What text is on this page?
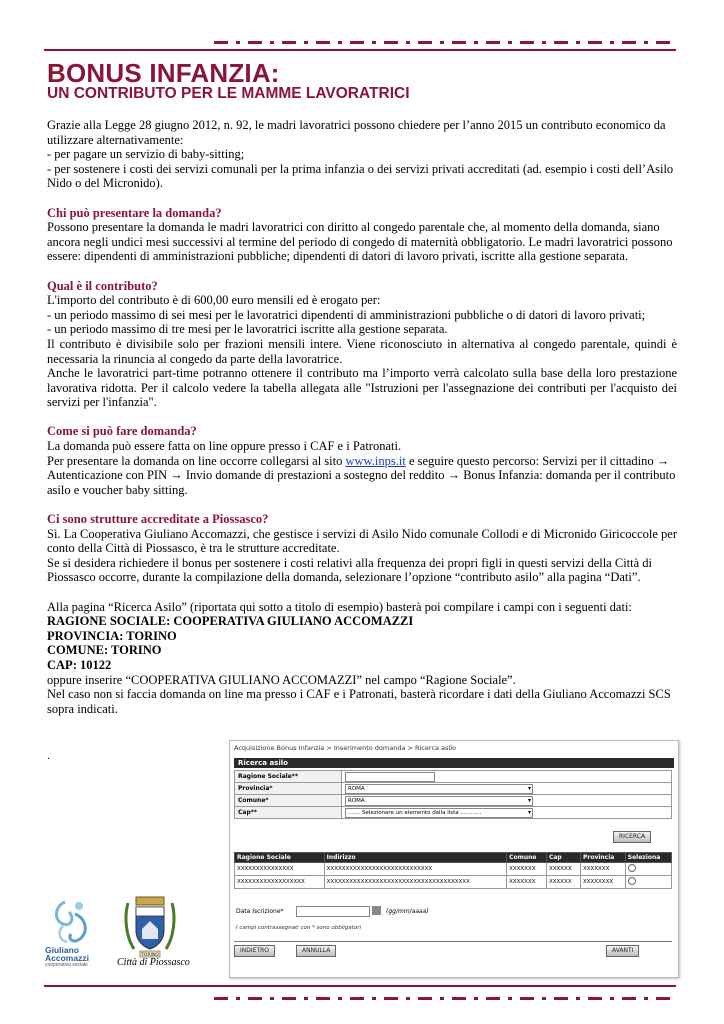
BONUS INFANZIA:
UN CONTRIBUTO PER LE MAMME LAVORATRICI

Grazie alla Legge 28 giugno 2012, n. 92, le madri lavoratrici possono chiedere per l’anno 2015 un contributo economico da utilizzare alternativamente:

- per pagare un servizio di baby-sitting;

- per sostenere i costi dei servizi comunali per la prima infanzia o dei servizi privati accreditati (ad. esempio i costi dell’Asilo Nido o del Micronido).

Chi può presentare la domanda?

Possono presentare la domanda le madri lavoratrici con diritto al congedo parentale che, al momento della domanda, siano ancora negli undici mesi successivi al termine del periodo di congedo di maternità obbligatorio. Le madri lavoratrici possono essere: dipendenti di amministrazioni pubbliche; dipendenti di datori di lavoro privati, iscritte alla gestione separata.

Qual è il contributo?

L'importo del contributo è di 600,00 euro mensili ed è erogato per:

- un periodo massimo di sei mesi per le lavoratrici dipendenti di amministrazioni pubbliche o di datori di lavoro privati;

- un periodo massimo di tre mesi per le lavoratrici iscritte alla gestione separata.

Il contributo è divisibile solo per frazioni mensili intere. Viene riconosciuto in alternativa al congedo parentale, quindi è necessaria la rinuncia al congedo da parte della lavoratrice.

Anche le lavoratrici part-time potranno ottenere il contributo ma l’importo verrà calcolato sulla base della loro prestazione lavorativa ridotta. Per il calcolo vedere la tabella allegata alle "Istruzioni per l'assegnazione dei contributi per l'acquisto dei servizi per l'infanzia".

Come si può fare domanda?

La domanda può essere fatta on line oppure presso i CAF e i Patronati.

Per presentare la domanda on line occorre collegarsi al sito www.inps.it e seguire questo percorso: Servizi per il cittadino → Autenticazione con PIN → Invio domande di prestazioni a sostegno del reddito → Bonus Infanzia: domanda per il contributo asilo e voucher baby sitting.

Ci sono strutture accreditate a Piossasco?

Sì. La Cooperativa Giuliano Accomazzi, che gestisce i servizi di Asilo Nido comunale Collodi e di Micronido Giricoccole per conto della Città di Piossasco, è tra le strutture accreditate.

Se si desidera richiedere il bonus per sostenere i costi relativi alla frequenza dei propri figli in questi servizi della Città di Piossasco occorre, durante la compilazione della domanda, selezionare l’opzione “contributo asilo” alla pagina “Dati”.

Alla pagina “Ricerca Asilo” (riportata qui sotto a titolo di esempio) basterà poi compilare i campi con i seguenti dati:

RAGIONE SOCIALE: COOPERATIVA GIULIANO ACCOMAZZI

PROVINCIA: TORINO

COMUNE: TORINO

CAP: 10122

oppure inserire “COOPERATIVA GIULIANO ACCOMAZZI” nel campo “Ragione Sociale”.

Nel caso non si faccia domanda on line ma presso i CAF e i Patronati, basterà ricordare i dati della Giuliano Accomazzi SCS sopra indicati.

.	Acquisizione Bonus Infanzia > Inserimento domanda > Ricerca asilo
Ricerca asilo
Ragione Sociale**	
Provincia*	ROMA ▾

Comune*	ROMA ▾

Cap**	....... Selezionare un elemento dalla lista ............ ▾
RICERCA
Ragione Sociale	Indirizzo	Comune	Cap	Provincia	Seleziona
XXXXXXXXXXXXXXX	XXXXXXXXXXXXXXXXXXXXXXXXXXXX	XXXXXXX	XXXXXX	XXXXXXX	
XXXXXXXXXXXXXXXXXX	XXXXXXXXXXXXXXXXXXXXXXXXXXXXXXXXXXXXXX	XXXXXXX	XXXXXX	XXXXXXXX	
Data Iscrizione*	(gg/mm/aaaa)
I campi contrassegnati con * sono obbligatori
INDIETRO	ANNULLA	AVANTI
Giuliano
Accomazzi
cooperativa sociale
TORINO
Città di Piossasco
